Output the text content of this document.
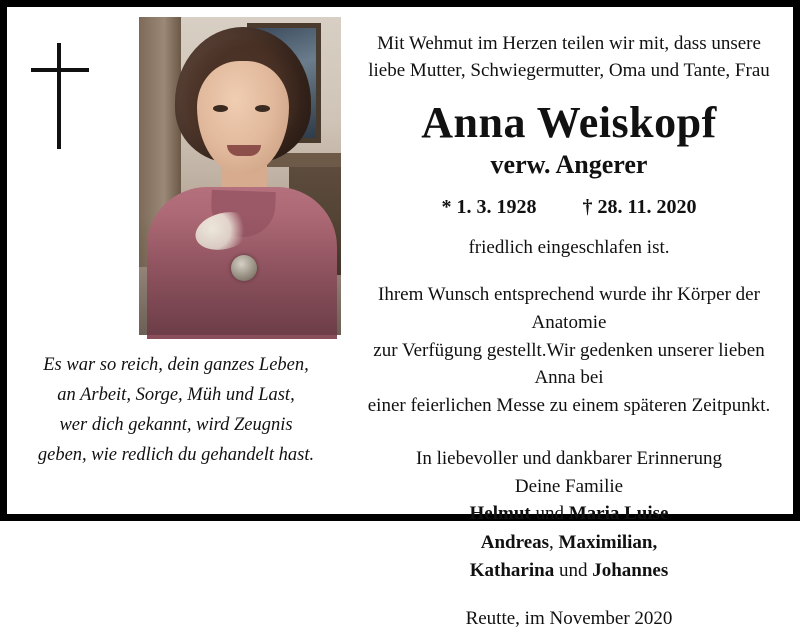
Es war so reich, dein ganzes Leben,
an Arbeit, Sorge, Müh und Last,
wer dich gekannt, wird Zeugnis
geben, wie redlich du gehandelt hast.
Mit Wehmut im Herzen teilen wir mit, dass unsere
liebe Mutter, Schwiegermutter, Oma und Tante, Frau
Anna Weiskopf
verw. Angerer
* 1. 3. 1928 † 28. 11. 2020
friedlich eingeschlafen ist.
Ihrem Wunsch entsprechend wurde ihr Körper der Anatomie
zur Verfügung gestellt.Wir gedenken unserer lieben Anna bei
einer feierlichen Messe zu einem späteren Zeitpunkt.
In liebevoller und dankbarer Erinnerung
Deine Familie
Helmut und Maria Luise
Andreas, Maximilian,
Katharina und Johannes
Reutte, im November 2020
